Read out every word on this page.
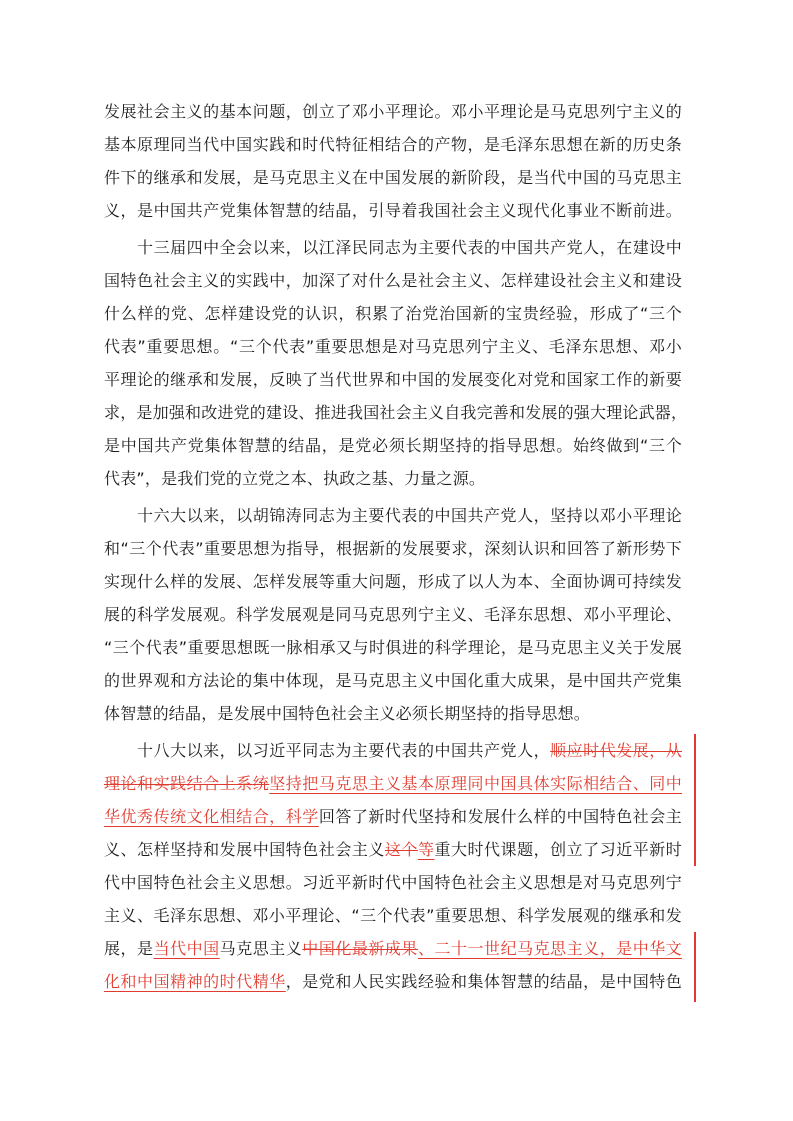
发展社会主义的基本问题，创立了邓小平理论。邓小平理论是马克思列宁主义的
基本原理同当代中国实践和时代特征相结合的产物，是毛泽东思想在新的历史条
件下的继承和发展，是马克思主义在中国发展的新阶段，是当代中国的马克思主
义，是中国共产党集体智慧的结晶，引导着我国社会主义现代化事业不断前进。
　　十三届四中全会以来，以江泽民同志为主要代表的中国共产党人，在建设中
国特色社会主义的实践中，加深了对什么是社会主义、怎样建设社会主义和建设
什么样的党、怎样建设党的认识，积累了治党治国新的宝贵经验，形成了“三个
代表”重要思想。“三个代表”重要思想是对马克思列宁主义、毛泽东思想、邓小
平理论的继承和发展，反映了当代世界和中国的发展变化对党和国家工作的新要
求，是加强和改进党的建设、推进我国社会主义自我完善和发展的强大理论武器，
是中国共产党集体智慧的结晶，是党必须长期坚持的指导思想。始终做到“三个
代表”，是我们党的立党之本、执政之基、力量之源。
　　十六大以来，以胡锦涛同志为主要代表的中国共产党人，坚持以邓小平理论
和“三个代表”重要思想为指导，根据新的发展要求，深刻认识和回答了新形势下
实现什么样的发展、怎样发展等重大问题，形成了以人为本、全面协调可持续发
展的科学发展观。科学发展观是同马克思列宁主义、毛泽东思想、邓小平理论、
“三个代表”重要思想既一脉相承又与时俱进的科学理论，是马克思主义关于发展
的世界观和方法论的集中体现，是马克思主义中国化重大成果，是中国共产党集
体智慧的结晶，是发展中国特色社会主义必须长期坚持的指导思想。
　　十八大以来，以习近平同志为主要代表的中国共产党人，顺应时代发展，从
理论和实践结合上系统坚持把马克思主义基本原理同中国具体实际相结合、同中
华优秀传统文化相结合，科学回答了新时代坚持和发展什么样的中国特色社会主
义、怎样坚持和发展中国特色社会主义这个等重大时代课题，创立了习近平新时
代中国特色社会主义思想。习近平新时代中国特色社会主义思想是对马克思列宁
主义、毛泽东思想、邓小平理论、“三个代表”重要思想、科学发展观的继承和发
展，是当代中国马克思主义中国化最新成果、二十一世纪马克思主义，是中华文
化和中国精神的时代精华，是党和人民实践经验和集体智慧的结晶，是中国特色
